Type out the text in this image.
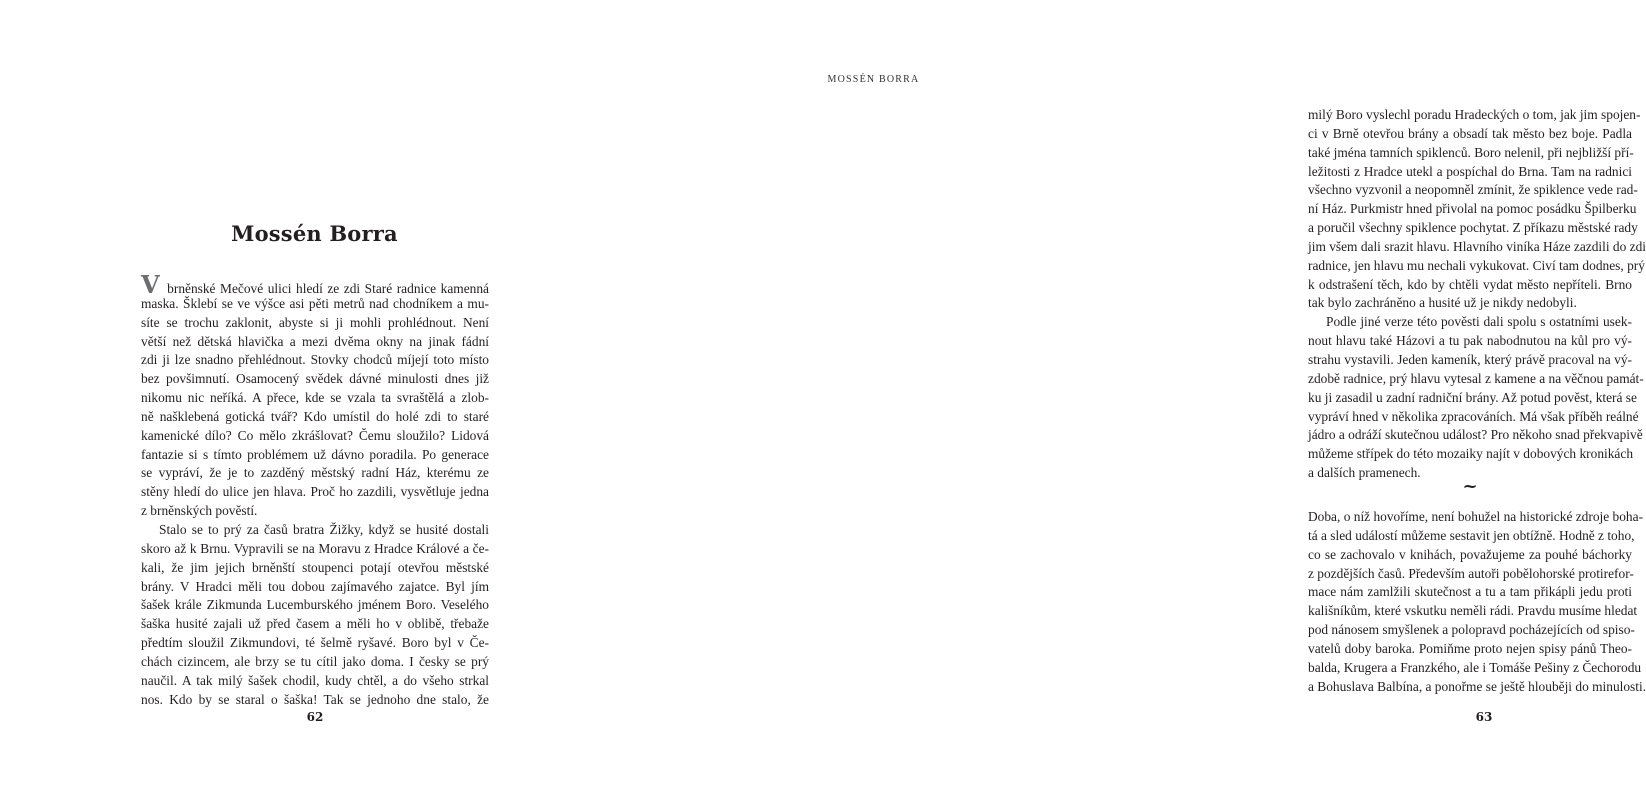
Mossén Borra
V brněnské Mečové ulici hledí ze zdi Staré radnice kamenná
maska. Šklebí se ve výšce asi pěti metrů nad chodníkem a mu-
síte se trochu zaklonit, abyste si ji mohli prohlédnout. Není
větší než dětská hlavička a mezi dvěma okny na jinak fádní
zdi ji lze snadno přehlédnout. Stovky chodců míjejí toto místo
bez povšimnutí. Osamocený svědek dávné minulosti dnes již
nikomu nic neříká. A přece, kde se vzala ta svraštělá a zlob-
ně našklebená gotická tvář? Kdo umístil do holé zdi to staré
kamenické dílo? Co mělo zkrášlovat? Čemu sloužilo? Lidová
fantazie si s tímto problémem už dávno poradila. Po generace
se vypráví, že je to zazděný městský radní Ház, kterému ze
stěny hledí do ulice jen hlava. Proč ho zazdili, vysvětluje jedna
z brněnských pověstí.
Stalo se to prý za časů bratra Žižky, když se husité dostali
skoro až k Brnu. Vypravili se na Moravu z Hradce Králové a če-
kali, že jim jejich brněnští stoupenci potají otevřou městské
brány. V Hradci měli tou dobou zajímavého zajatce. Byl jím
šašek krále Zikmunda Lucemburského jménem Boro. Veselého
šaška husité zajali už před časem a měli ho v oblibě, třebaže
předtím sloužil Zikmundovi, té šelmě ryšavé. Boro byl v Če-
chách cizincem, ale brzy se tu cítil jako doma. I česky se prý
naučil. A tak milý šašek chodil, kudy chtěl, a do všeho strkal
nos. Kdo by se staral o šaška! Tak se jednoho dne stalo, že
62
MOSSÉN BORRA
milý Boro vyslechl poradu Hradeckých o tom, jak jim spojen-
ci v Brně otevřou brány a obsadí tak město bez boje. Padla
také jména tamních spiklenců. Boro nelenil, při nejbližší pří-
ležitosti z Hradce utekl a pospíchal do Brna. Tam na radnici
všechno vyzvonil a neopomněl zmínit, že spiklence vede rad-
ní Ház. Purkmistr hned přivolal na pomoc posádku Špilberku
a poručil všechny spiklence pochytat. Z příkazu městské rady
jim všem dali srazit hlavu. Hlavního viníka Háze zazdili do zdi
radnice, jen hlavu mu nechali vykukovat. Civí tam dodnes, prý
k odstrašení těch, kdo by chtěli vydat město nepříteli. Brno
tak bylo zachráněno a husité už je nikdy nedobyli.
Podle jiné verze této pověsti dali spolu s ostatními usek-
nout hlavu také Házovi a tu pak nabodnutou na kůl pro vý-
strahu vystavili. Jeden kameník, který právě pracoval na vý-
zdobě radnice, prý hlavu vytesal z kamene a na věčnou památ-
ku ji zasadil u zadní radniční brány. Až potud pověst, která se
vypráví hned v několika zpracováních. Má však příběh reálné
jádro a odráží skutečnou událost? Pro někoho snad překvapivě
můžeme střípek do této mozaiky najít v dobových kronikách
a dalších pramenech.
~
Doba, o níž hovoříme, není bohužel na historické zdroje boha-
tá a sled událostí můžeme sestavit jen obtížně. Hodně z toho,
co se zachovalo v knihách, považujeme za pouhé báchorky
z pozdějších časů. Především autoři pobělohorské protirefor-
mace nám zamlžili skutečnost a tu a tam přikápli jedu proti
kališníkům, které vskutku neměli rádi. Pravdu musíme hledat
pod nánosem smyšlenek a polopravd pocházejících od spiso-
vatelů doby baroka. Pomiňme proto nejen spisy pánů Theo-
balda, Krugera a Franzkého, ale i Tomáše Pešiny z Čechorodu
a Bohuslava Balbína, a ponořme se ještě hlouběji do minulosti.
63
